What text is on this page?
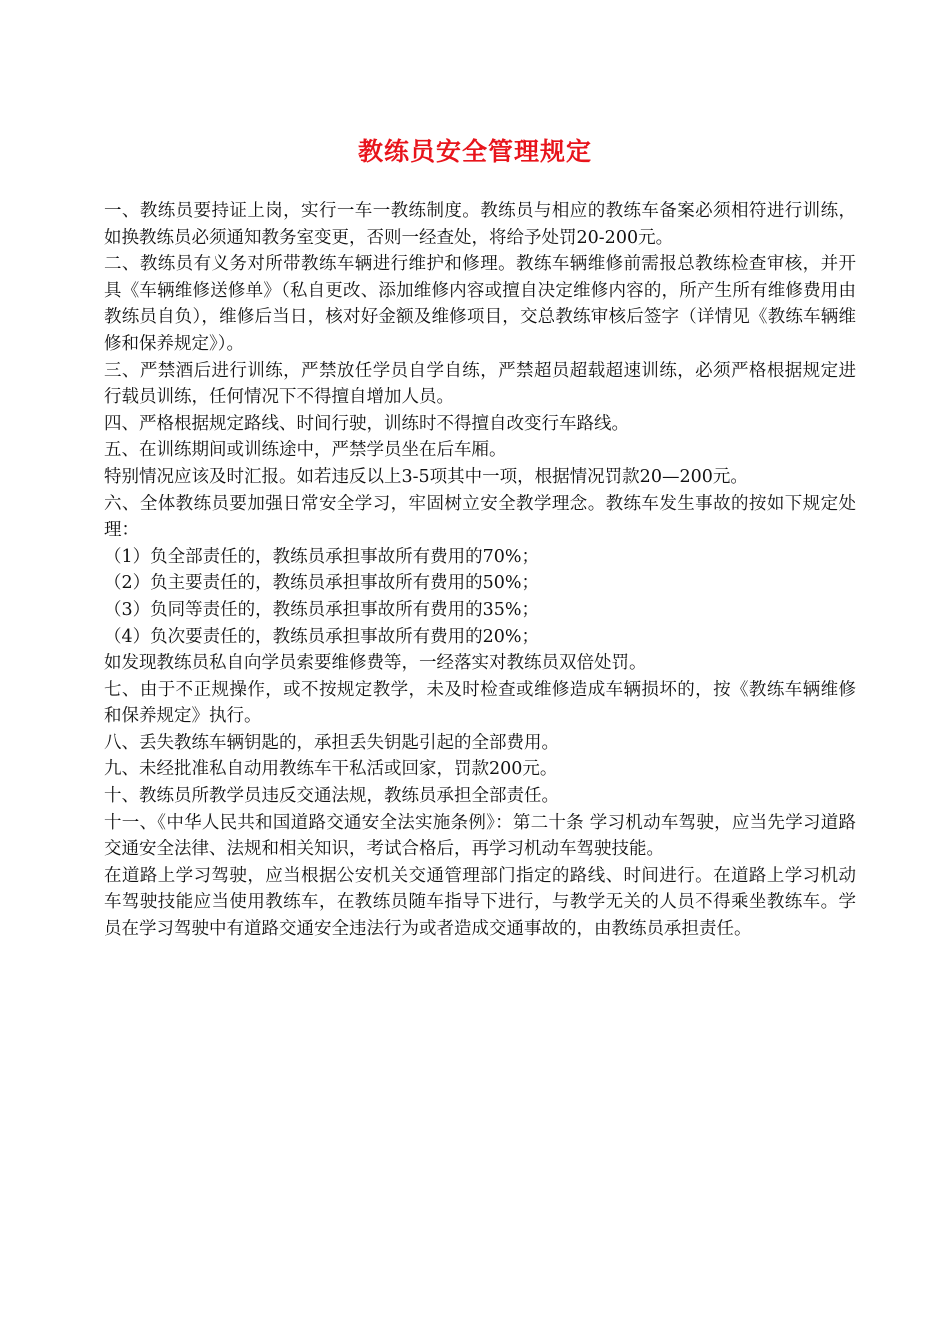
教练员安全管理规定

一、教练员要持证上岗，实行一车一教练制度。教练员与相应的教练车备案必须相符进行训练，如换教练员必须通知教务室变更，否则一经查处，将给予处罚20-200元。

二、教练员有义务对所带教练车辆进行维护和修理。教练车辆维修前需报总教练检查审核，并开具《车辆维修送修单》（私自更改、添加维修内容或擅自决定维修内容的，所产生所有维修费用由教练员自负），维修后当日，核对好金额及维修项目，交总教练审核后签字（详情见《教练车辆维修和保养规定》）。

三、严禁酒后进行训练，严禁放任学员自学自练，严禁超员超载超速训练，必须严格根据规定进行载员训练，任何情况下不得擅自增加人员。

四、严格根据规定路线、时间行驶，训练时不得擅自改变行车路线。

五、在训练期间或训练途中，严禁学员坐在后车厢。

特别情况应该及时汇报。如若违反以上3-5项其中一项，根据情况罚款20—200元。

六、全体教练员要加强日常安全学习，牢固树立安全教学理念。教练车发生事故的按如下规定处理：

（1）负全部责任的，教练员承担事故所有费用的70%；

（2）负主要责任的，教练员承担事故所有费用的50%；

（3）负同等责任的，教练员承担事故所有费用的35%；

（4）负次要责任的，教练员承担事故所有费用的20%；

如发现教练员私自向学员索要维修费等，一经落实对教练员双倍处罚。

七、由于不正规操作，或不按规定教学，未及时检查或维修造成车辆损坏的，按《教练车辆维修和保养规定》执行。

八、丢失教练车辆钥匙的，承担丢失钥匙引起的全部费用。

九、未经批准私自动用教练车干私活或回家，罚款200元。

十、教练员所教学员违反交通法规，教练员承担全部责任。

十一、《中华人民共和国道路交通安全法实施条例》：第二十条 学习机动车驾驶，应当先学习道路交通安全法律、法规和相关知识，考试合格后，再学习机动车驾驶技能。

在道路上学习驾驶，应当根据公安机关交通管理部门指定的路线、时间进行。在道路上学习机动车驾驶技能应当使用教练车，在教练员随车指导下进行，与教学无关的人员不得乘坐教练车。学员在学习驾驶中有道路交通安全违法行为或者造成交通事故的，由教练员承担责任。
